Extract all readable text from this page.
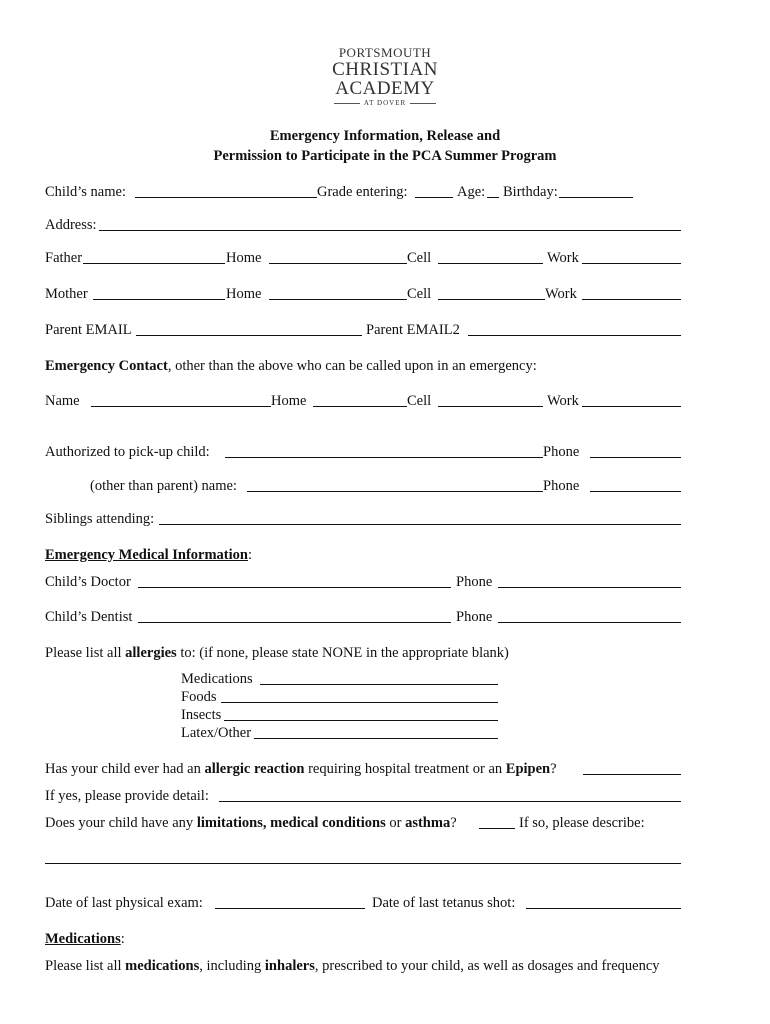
PORTSMOUTH
CHRISTIAN
ACADEMY
AT DOVER
Emergency Information, Release and
Permission to Participate in the PCA Summer Program
Child’s name:	Grade entering:	Age: Birthday:
Address:
Father	Home	Cell	Work
Mother	Home	Cell	Work
Parent EMAIL	Parent EMAIL2
Emergency Contact, other than the above who can be called upon in an emergency:
Name	Home	Cell	Work
Authorized to pick-up child:	Phone
(other than parent) name:	Phone
Siblings attending:
Emergency Medical Information:
Child’s Doctor	Phone
Child’s Dentist	Phone
Please list all allergies to: (if none, please state NONE in the appropriate blank)
Medications
Foods
Insects
Latex/Other
Has your child ever had an allergic reaction requiring hospital treatment or an Epipen?
If yes, please provide detail:
Does your child have any limitations, medical conditions or asthma?	If so, please describe:
Date of last physical exam:	Date of last tetanus shot:
Medications:
Please list all medications, including inhalers, prescribed to your child, as well as dosages and frequency
